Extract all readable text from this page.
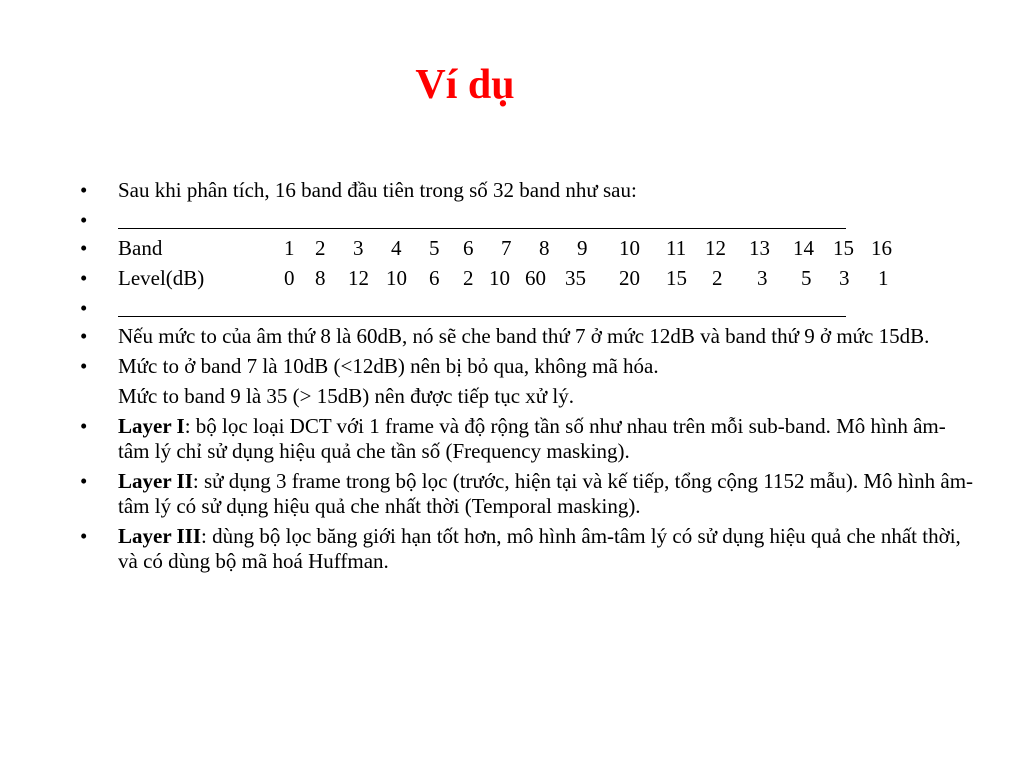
Ví dụ
•	Sau khi phân tích, 16 band đầu tiên trong số 32 band như sau:
•
•	Band	1 2 3 4 5 6 7 8 9 10 11 12 13 14 15 16
•	Level(dB)	0 8 12 10 6 2 10 60 35 20 15 2 3 5 3 1
•
•	Nếu mức to của âm thứ 8 là 60dB, nó sẽ che band thứ 7 ở mức 12dB và band thứ 9 ở mức 15dB.
•	Mức to ở band 7 là 10dB (<12dB) nên bị bỏ qua, không mã hóa.
Mức to band 9 là 35 (> 15dB) nên được tiếp tục xử lý.
•	Layer I: bộ lọc loại DCT với 1 frame và độ rộng tần số như nhau trên mỗi sub-band. Mô hình âm-tâm lý chỉ sử dụng hiệu quả che tần số (Frequency masking).
•	Layer II: sử dụng 3 frame trong bộ lọc (trước, hiện tại và kế tiếp, tổng cộng 1152 mẫu). Mô hình âm-tâm lý có sử dụng hiệu quả che nhất thời (Temporal masking).
•	Layer III: dùng bộ lọc băng giới hạn tốt hơn, mô hình âm-tâm lý có sử dụng hiệu quả che nhất thời, và có dùng bộ mã hoá Huffman.
